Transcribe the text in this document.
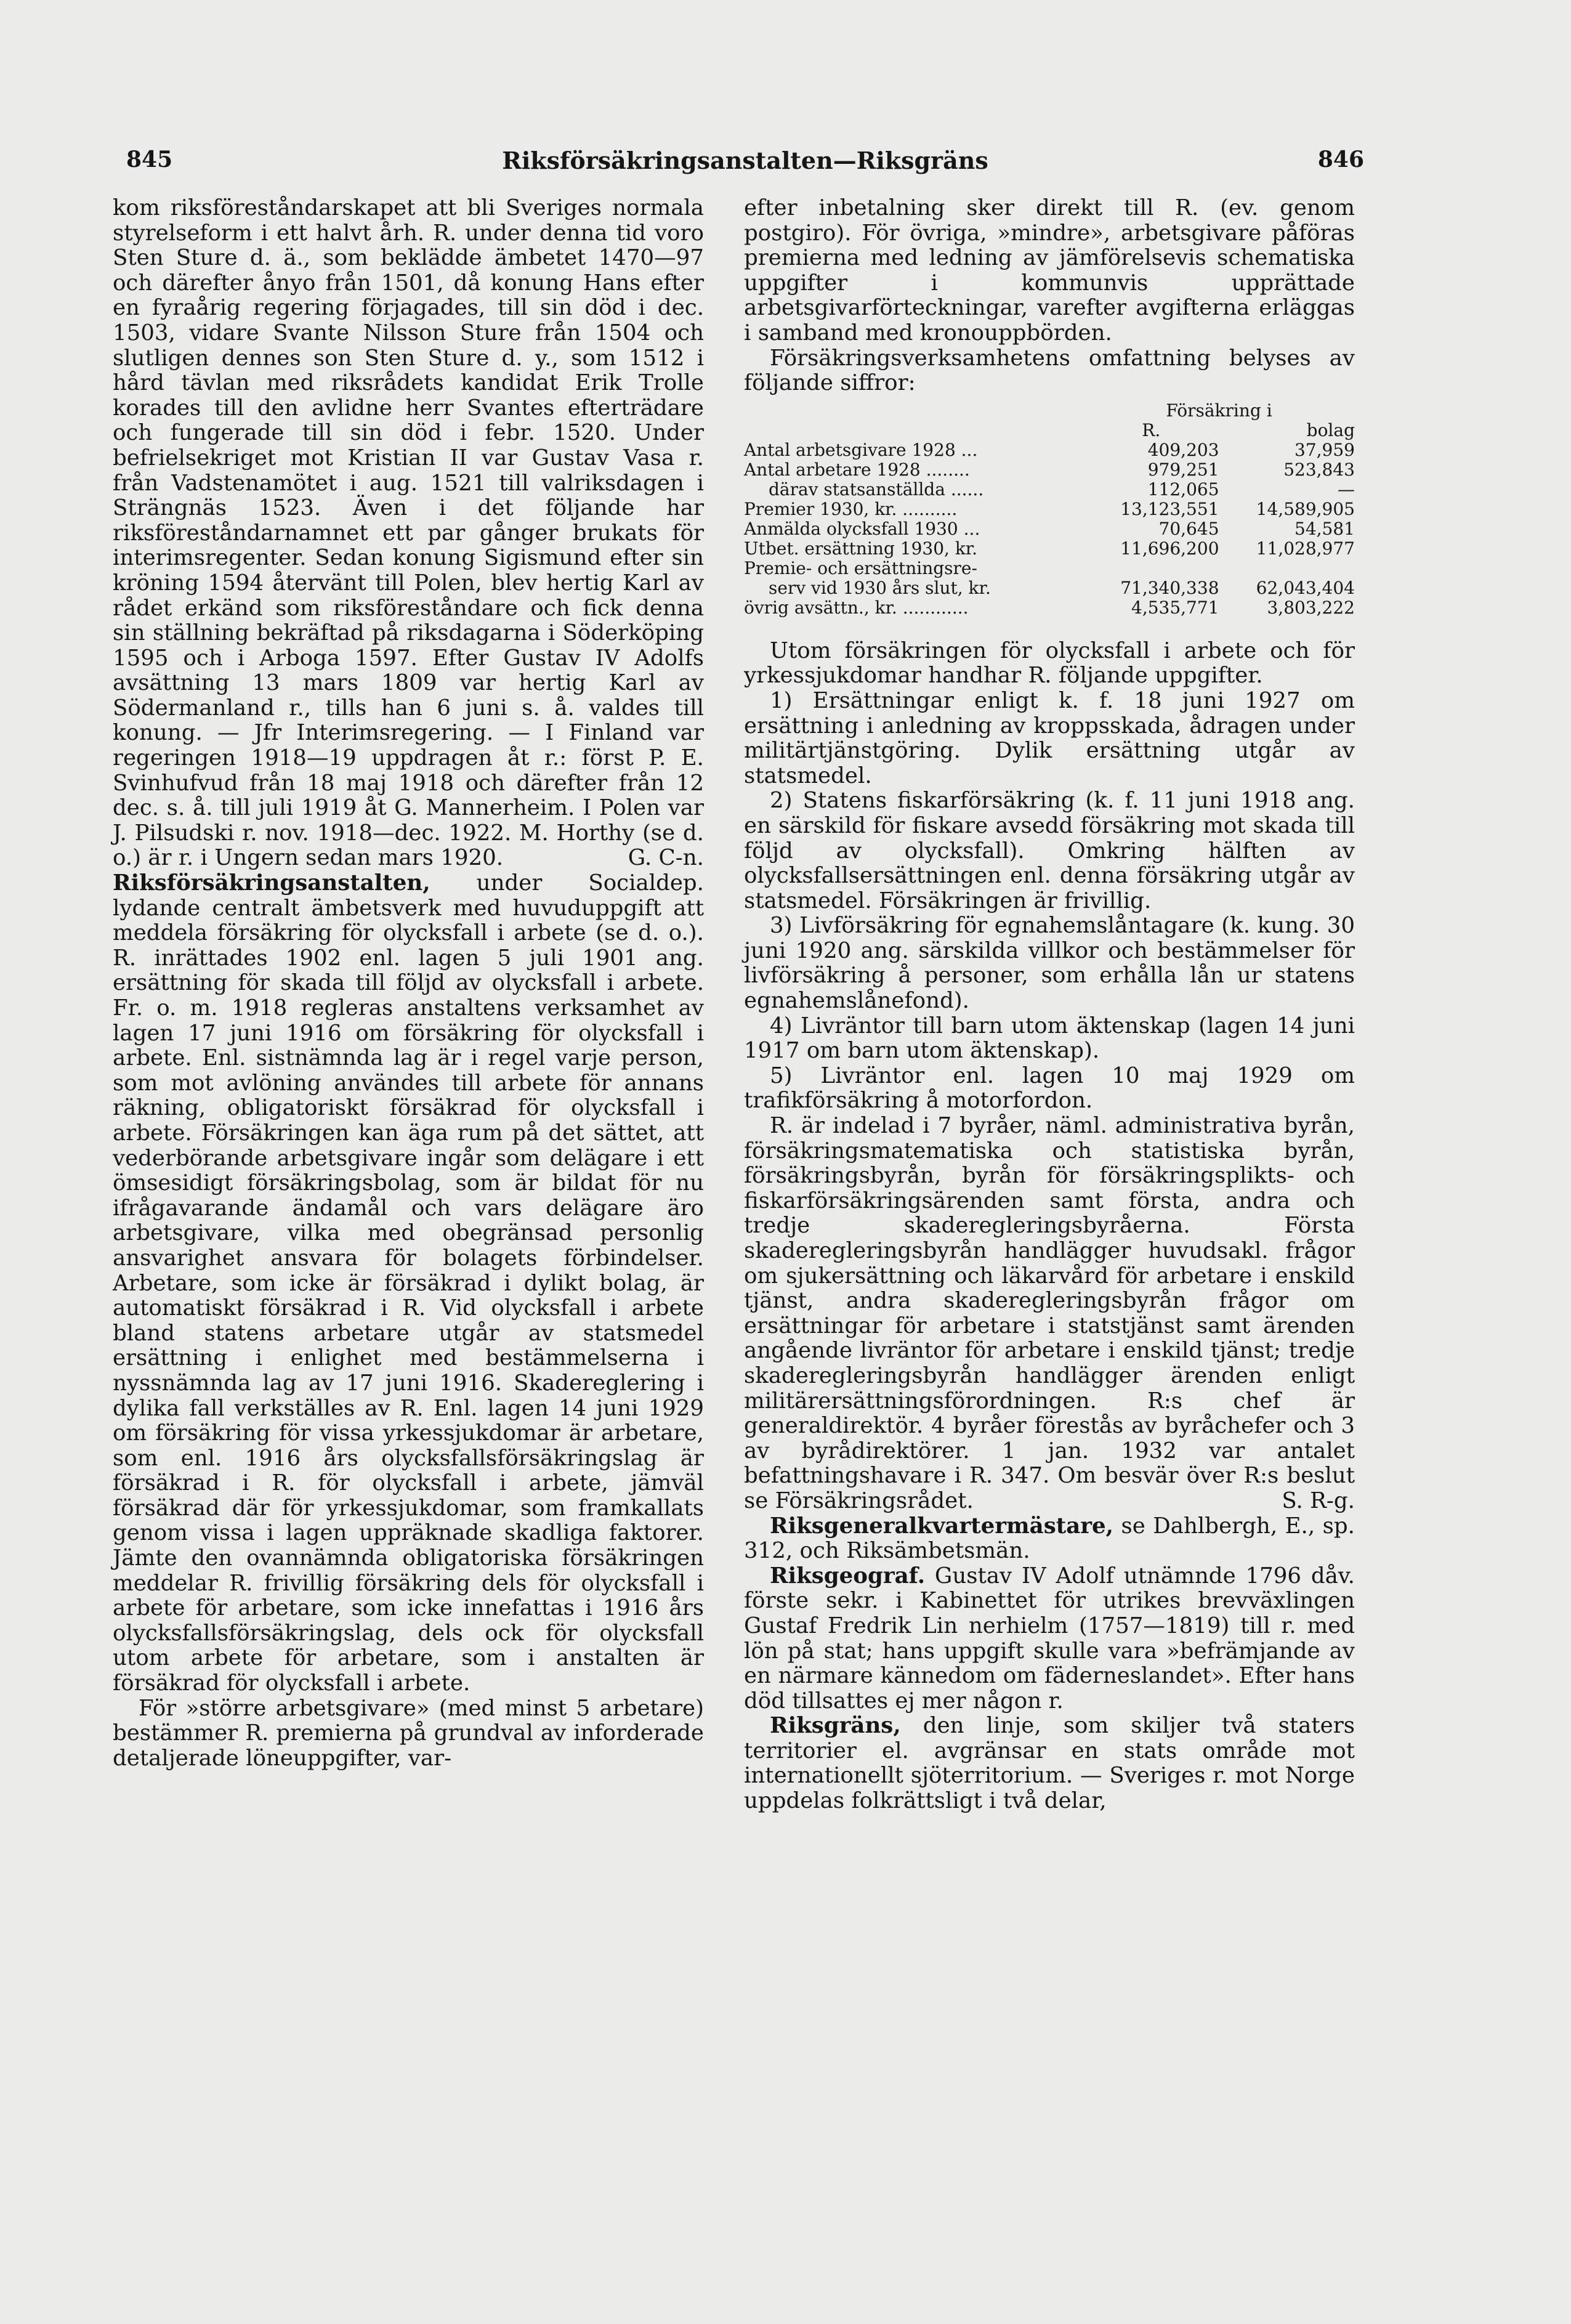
845	Riksförsäkringsanstalten—Riksgräns	846

kom riksföreståndarskapet att bli Sveriges normala styrelseform i ett halvt årh. R. under denna tid voro Sten Sture d. ä., som beklädde ämbetet 1470—97 och därefter ånyo från 1501, då konung Hans efter en fyraårig regering förjagades, till sin död i dec. 1503, vidare Svante Nilsson Sture från 1504 och slutligen dennes son Sten Sture d. y., som 1512 i hård tävlan med riksrådets kandidat Erik Trolle korades till den avlidne herr Svantes efterträdare och fungerade till sin död i febr. 1520. Under befrielsekriget mot Kristian II var Gustav Vasa r. från Vadstenamötet i aug. 1521 till valriksdagen i Strängnäs 1523. Även i det följande har riksföreståndarnamnet ett par gånger brukats för interimsregenter. Sedan konung Sigismund efter sin kröning 1594 återvänt till Polen, blev hertig Karl av rådet erkänd som riksföreståndare och fick denna sin ställning bekräftad på riksdagarna i Söderköping 1595 och i Arboga 1597. Efter Gustav IV Adolfs avsättning 13 mars 1809 var hertig Karl av Södermanland r., tills han 6 juni s. å. valdes till konung. — Jfr Interimsregering. — I Finland var regeringen 1918—19 uppdragen åt r.: först P. E. Svinhufvud från 18 maj 1918 och därefter från 12 dec. s. å. till juli 1919 åt G. Mannerheim. I Polen var J. Pilsudski r. nov. 1918—dec. 1922. M. Horthy (se d. o.) är r. i Ungern sedan mars 1920.	G. C-n.

Riksförsäkringsanstalten, under Socialdep. lydande centralt ämbetsverk med huvuduppgift att meddela försäkring för olycksfall i arbete (se d. o.). R. inrättades 1902 enl. lagen 5 juli 1901 ang. ersättning för skada till följd av olycksfall i arbete. Fr. o. m. 1918 regleras anstaltens verksamhet av lagen 17 juni 1916 om försäkring för olycksfall i arbete. Enl. sistnämnda lag är i regel varje person, som mot avlöning användes till arbete för annans räkning, obligatoriskt försäkrad för olycksfall i arbete. Försäkringen kan äga rum på det sättet, att vederbörande arbetsgivare ingår som delägare i ett ömsesidigt försäkringsbolag, som är bildat för nu ifrågavarande ändamål och vars delägare äro arbetsgivare, vilka med obegränsad personlig ansvarighet ansvara för bolagets förbindelser. Arbetare, som icke är försäkrad i dylikt bolag, är automatiskt försäkrad i R. Vid olycksfall i arbete bland statens arbetare utgår av statsmedel ersättning i enlighet med bestämmelserna i nyssnämnda lag av 17 juni 1916. Skadereglering i dylika fall verkställes av R. Enl. lagen 14 juni 1929 om försäkring för vissa yrkessjukdomar är arbetare, som enl. 1916 års olycksfallsförsäkringslag är försäkrad i R. för olycksfall i arbete, jämväl försäkrad där för yrkessjukdomar, som framkallats genom vissa i lagen uppräknade skadliga faktorer. Jämte den ovannämnda obligatoriska försäkringen meddelar R. frivillig försäkring dels för olycksfall i arbete för arbetare, som icke innefattas i 1916 års olycksfallsförsäkringslag, dels ock för olycksfall utom arbete för arbetare, som i anstalten är försäkrad för olycksfall i arbete.

För »större arbetsgivare» (med minst 5 arbetare) bestämmer R. premierna på grundval av inforderade detaljerade löneuppgifter, var-

efter inbetalning sker direkt till R. (ev. genom postgiro). För övriga, »mindre», arbetsgivare påföras premierna med ledning av jämförelsevis schematiska uppgifter i kommunvis upprättade arbetsgivarförteckningar, varefter avgifterna erläggas i samband med kronouppbörden.

Försäkringsverksamhetens omfattning belyses av följande siffror:

	Försäkring i	
	R.	bolag
Antal arbetsgivare 1928 ...	409,203	37,959
Antal arbetare 1928 ........	979,251	523,843
därav statsanställda ......	112,065	—
Premier 1930, kr. ..........	13,123,551	14,589,905
Anmälda olycksfall 1930 ...	70,645	54,581
Utbet. ersättning 1930, kr.	11,696,200	11,028,977
Premie- och ersättningsre-		
serv vid 1930 års slut, kr.	71,340,338	62,043,404
övrig avsättn., kr. ............	4,535,771	3,803,222

Utom försäkringen för olycksfall i arbete och för yrkessjukdomar handhar R. följande uppgifter.

1) Ersättningar enligt k. f. 18 juni 1927 om ersättning i anledning av kroppsskada, ådragen under militärtjänstgöring. Dylik ersättning utgår av statsmedel.

2) Statens fiskarförsäkring (k. f. 11 juni 1918 ang. en särskild för fiskare avsedd försäkring mot skada till följd av olycksfall). Omkring hälften av olycksfallsersättningen enl. denna försäkring utgår av statsmedel. Försäkringen är frivillig.

3) Livförsäkring för egnahemslåntagare (k. kung. 30 juni 1920 ang. särskilda villkor och bestämmelser för livförsäkring å personer, som erhålla lån ur statens egnahemslånefond).

4) Livräntor till barn utom äktenskap (lagen 14 juni 1917 om barn utom äktenskap).

5) Livräntor enl. lagen 10 maj 1929 om trafikförsäkring å motorfordon.

R. är indelad i 7 byråer, näml. administrativa byrån, försäkringsmatematiska och statistiska byrån, försäkringsbyrån, byrån för försäkringsplikts- och fiskarförsäkringsärenden samt första, andra och tredje skaderegleringsbyråerna. Första skaderegleringsbyrån handlägger huvudsakl. frågor om sjukersättning och läkarvård för arbetare i enskild tjänst, andra skaderegleringsbyrån frågor om ersättningar för arbetare i statstjänst samt ärenden angående livräntor för arbetare i enskild tjänst; tredje skaderegleringsbyrån handlägger ärenden enligt militärersättningsförordningen. R:s chef är generaldirektör. 4 byråer förestås av byråchefer och 3 av byrådirektörer. 1 jan. 1932 var antalet befattningshavare i R. 347. Om besvär över R:s beslut se Försäkringsrådet.	S. R-g.

Riksgeneralkvartermästare, se Dahlbergh, E., sp. 312, och Riksämbetsmän.

Riksgeograf. Gustav IV Adolf utnämnde 1796 dåv. förste sekr. i Kabinettet för utrikes brevväxlingen Gustaf Fredrik Lin nerhielm (1757—1819) till r. med lön på stat; hans uppgift skulle vara »befrämjande av en närmare kännedom om fäderneslandet». Efter hans död tillsattes ej mer någon r.

Riksgräns, den linje, som skiljer två staters territorier el. avgränsar en stats område mot internationellt sjöterritorium. — Sveriges r. mot Norge uppdelas folkrättsligt i två delar,
